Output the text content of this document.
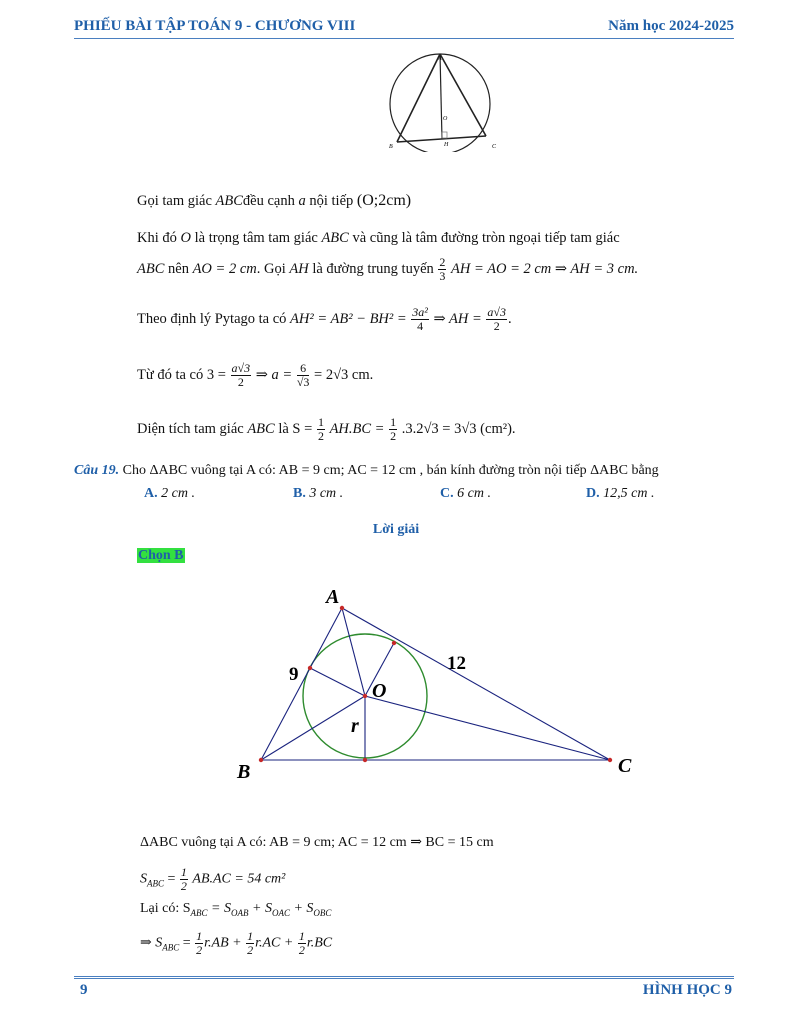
PHIẾU BÀI TẬP TOÁN 9 - CHƯƠNG VIII	Năm học 2024-2025
A
O
B	H	C
Gọi tam giác ABCđều cạnh a nội tiếp (O;2cm)
Khi đó O là trọng tâm tam giác ABC và cũng là tâm đường tròn ngoại tiếp tam giác
ABC nên AO = 2 cm. Gọi AH là đường trung tuyến $\frac{2}{3}$ AH = AO = 2 cm ⇒ AH = 3 cm.
Theo định lý Pytago ta có $AH^2 = AB^2 - BH^2 = \frac{\text{3a²}}{4}$ ⇒ AH = $\frac{a√3}{2}$ .
Từ đó ta có $3 = \frac{a√3}{2}$ ⇒ $a = \frac{6}{√3} = 2√3$ cm.
Diện tích tam giác ABC là $S = \frac{1}{2} AH.BC = \frac{1}{2} .3.2√3 = 3√3$ (cm²).
Câu 19. Cho ΔABC vuông tại A có: AB = 9 cm; AC = 12 cm , bán kính đường tròn nội tiếp ΔABC bằng
A. 2 cm .	B. 3 cm .	C. 6 cm .	D. 12,5 cm .
Lời giải
Chọn B
A
B	C
O
r
9
12
ΔABC vuông tại A có: AB = 9 cm; AC = 12 cm ⇒ BC = 15 cm
$S_{ABC} = \frac{1}{2} AB.AC = 54$ cm²
Lại có: $S_{ABC} = S_{OAB} + S_{OAC} + S_{OBC}$
⇒ $S_{ABC} = \frac{1}{2} r.AB + \frac{1}{2} r.AC + \frac{1}{2} r.BC$
9	HÌNH HỌC 9
